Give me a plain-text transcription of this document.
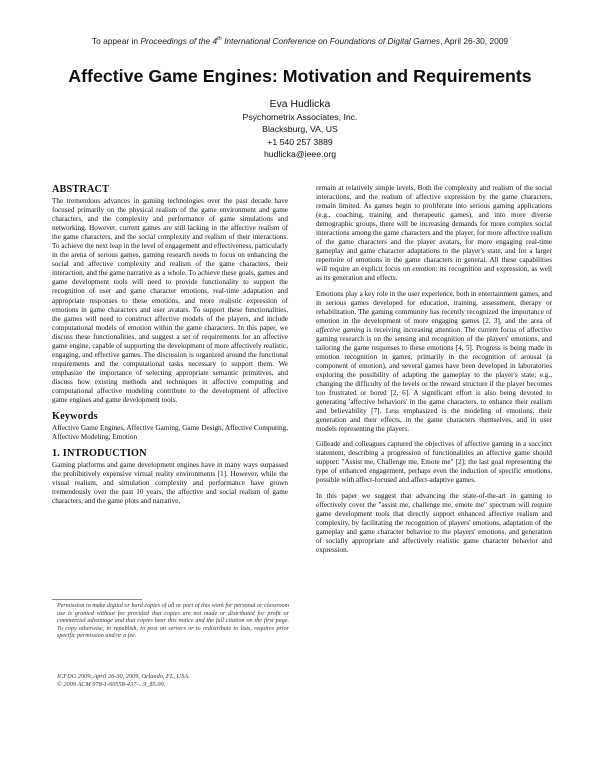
To appear in Proceedings of the 4th International Conference on Foundations of Digital Games, April 26-30, 2009
Affective Game Engines: Motivation and Requirements
Eva Hudlicka
Psychometrix Associates, Inc.
Blacksburg, VA, US
+1 540 257 3889
hudlicka@ieee.org
ABSTRACT

The tremendous advances in gaming technologies over the past decade have focused primarily on the physical realism of the game environment and game characters, and the complexity and performance of game simulations and networking. However, current games are still lacking in the affective realism of the game characters, and the social complexity and realism of their interactions. To achieve the next leap in the level of engagement and effectiveness, particularly in the arena of serious games, gaming research needs to focus on enhancing the social and affective complexity and realism of the game characters, their interaction, and the game narrative as a whole. To achieve these goals, games and game development tools will need to provide functionality to support the recognition of user and game character emotions, real-time adaptation and appropriate responses to these emotions, and more realistic expression of emotions in game characters and user avatars. To support these functionalities, the games will need to construct affective models of the players, and include computational models of emotion within the game characters. In this paper, we discuss these functionalities, and suggest a set of requirements for an affective game engine, capable of supporting the development of more affectively realistic, engaging, and effective games. The discussion is organized around the functional requirements and the computational tasks necessary to support them. We emphasize the importance of selecting appropriate semantic primitives, and discuss how existing methods and techniques in affective computing and computational affective modeling contribute to the development of affective game engines and game development tools.

Keywords

Affective Game Engines, Affective Gaming, Game Design, Affective Computing, Affective Modeling, Emotion

1. INTRODUCTION

Gaming platforms and game development engines have in many ways surpassed the prohibitively expensive virtual reality environments [1]. However, while the visual realism, and simulation complexity and performance have grown tremendously over the past 10 years, the affective and social realism of game characters, and the game plots and narrative,

Permission to make digital or hard copies of all or part of this work for personal or classroom use is granted without fee provided that copies are not made or distributed for profit or commercial advantage and that copies bear this notice and the full citation on the first page. To copy otherwise, to republish, to post on servers or to redistribute to lists, requires prior specific permission and/or a fee.
ICFDG 2009, April 26-30, 2009, Orlando, FL, USA.
© 2009 ACM 978-1-60558-437-...9_$5.00.

remain at relatively simple levels. Both the complexity and realism of the social interactions, and the realism of affective expression by the game characters, remain limited. As games begin to proliferate into serious gaming applications (e.g., coaching, training and therapeutic games), and into more diverse demographic groups, there will be increasing demands for more complex social interactions among the game characters and the player, for more affective realism of the game characters and the player avatars, for more engaging real-time gameplay and game character adaptations to the player's state, and for a larger repertoire of emotions in the game characters in general. All these capabilities will require an explicit focus on emotion: its recognition and expression, as well as its generation and effects.

Emotions play a key role in the user experience, both in entertainment games, and in serious games developed for education, training, assessment, therapy or rehabilitation. The gaming community has recently recognized the importance of emotion in the development of more engaging games [2, 3], and the area of affective gaming is receiving increasing attention. The current focus of affective gaming research is on the sensing and recognition of the players' emotions, and tailoring the game responses to these emotions [4, 5]. Progress is being made in emotion recognition in games, primarily in the recognition of arousal (a component of emotion), and several games have been developed in laboratories exploring the possibility of adapting the gameplay to the player's state; e.g., changing the difficulty of the levels or the reward structure if the player becomes too frustrated or bored [2, 6]. A significant effort is also being devoted to generating 'affective behaviors' in the game characters, to enhance their realism and believability [7]. Less emphasized is the modeling of emotions, their generation and their effects, in the game characters themselves, and in user models representing the players.

Gilleade and colleagues captured the objectives of affective gaming in a succinct statement, describing a progression of functionalities an affective game should support: "Assist me, Challenge me, Emote me" [2]; the last goal representing the type of enhanced engagement, perhaps even the induction of specific emotions, possible with affect-focused and affect-adaptive games.

In this paper we suggest that advancing the state-of-the-art in gaming to effectively cover the "assist me, challenge me, emote me" spectrum will require game development tools that directly support enhanced affective realism and complexity, by facilitating the recognition of players' emotions, adaptation of the gameplay and game character behavior to the players' emotions, and generation of socially appropriate and affectively realistic game character behavior and expression.
